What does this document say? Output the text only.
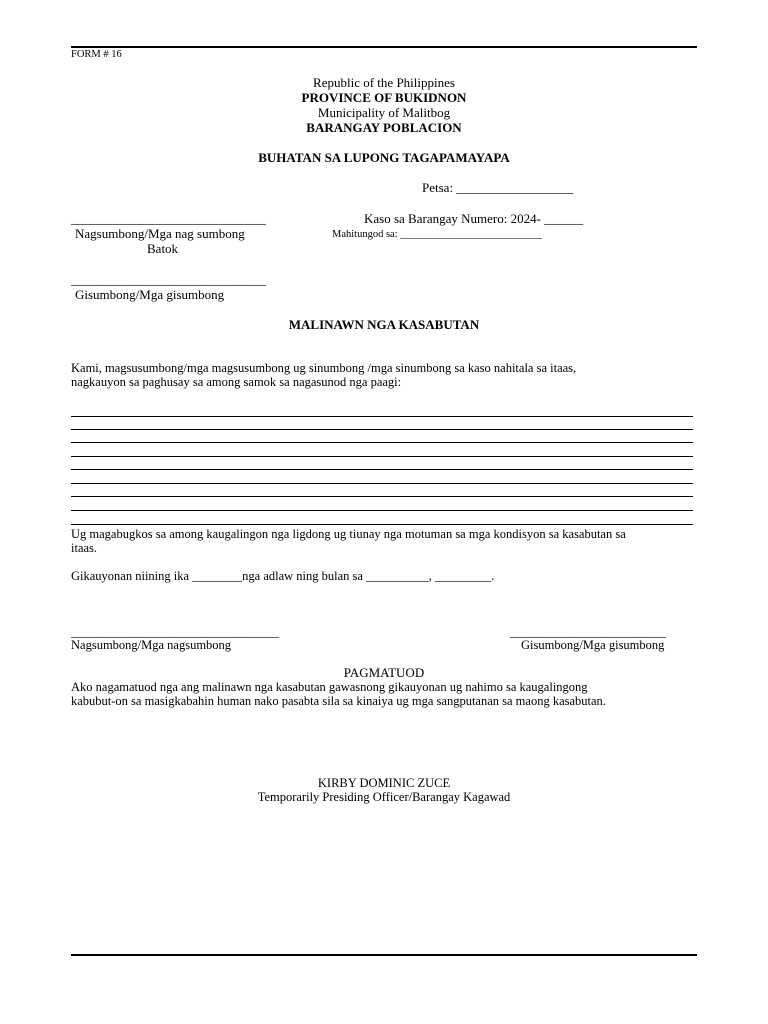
FORM # 16
Republic of the Philippines
PROVINCE OF BUKIDNON
Municipality of Malitbog
BARANGAY POBLACION
BUHATAN SA LUPONG TAGAPAMAYAPA
Petsa: __________________
______________________________	Kaso sa Barangay Numero: 2024- ______
Nagsumbong/Mga nag sumbong	Mahitungod sa: ___________________________
Batok
______________________________
Gisumbong/Mga gisumbong
MALINAWN NGA KASABUTAN
Kami, magsusumbong/mga magsusumbong ug sinumbong /mga sinumbong sa kaso nahitala sa itaas,
nagkauyon sa paghusay sa among samok sa nagasunod nga paagi:
Ug magabugkos sa among kaugalingon nga ligdong ug tiunay nga motuman sa mga kondisyon sa kasabutan sa
itaas.
Gikauyonan niining ika ________nga adlaw ning bulan sa __________, _________.
________________________________	________________________
Nagsumbong/Mga nagsumbong	Gisumbong/Mga gisumbong
PAGMATUOD
Ako nagamatuod nga ang malinawn nga kasabutan gawasnong gikauyonan ug nahimo sa kaugalingong
kabubut-on sa masigkabahin human nako pasabta sila sa kinaiya ug mga sangputanan sa maong kasabutan.
KIRBY DOMINIC ZUCE
Temporarily Presiding Officer/Barangay Kagawad
